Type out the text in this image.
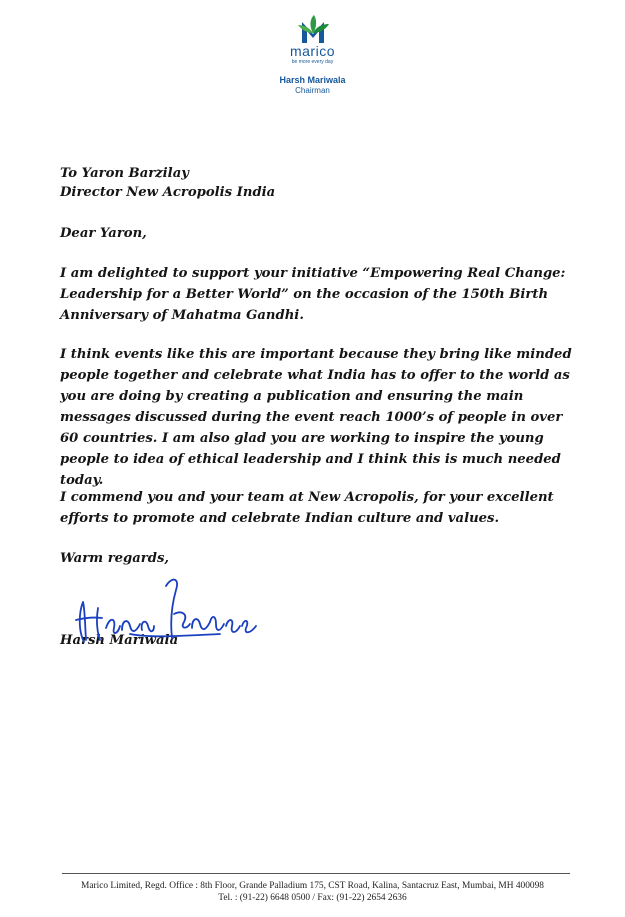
marico
be more every day
Harsh Mariwala
Chairman

To Yaron Barzilay

Director New Acropolis India

Dear Yaron,

I am delighted to support your initiative “Empowering Real Change: Leadership for a Better World” on the occasion of the 150th Birth Anniversary of Mahatma Gandhi.

I think events like this are important because they bring like minded people together and celebrate what India has to offer to the world as you are doing by creating a publication and ensuring the main messages discussed during the event reach 1000’s of people in over 60 countries. I am also glad you are working to inspire the young people to idea of ethical leadership and I think this is much needed today.

I commend you and your team at New Acropolis, for your excellent efforts to promote and celebrate Indian culture and values.

Warm regards,

Harsh Mariwala

Marico Limited, Regd. Office : 8th Floor, Grande Palladium 175, CST Road, Kalina, Santacruz East, Mumbai, MH 400098
Tel. : (91-22) 6648 0500 / Fax: (91-22) 2654 2636
